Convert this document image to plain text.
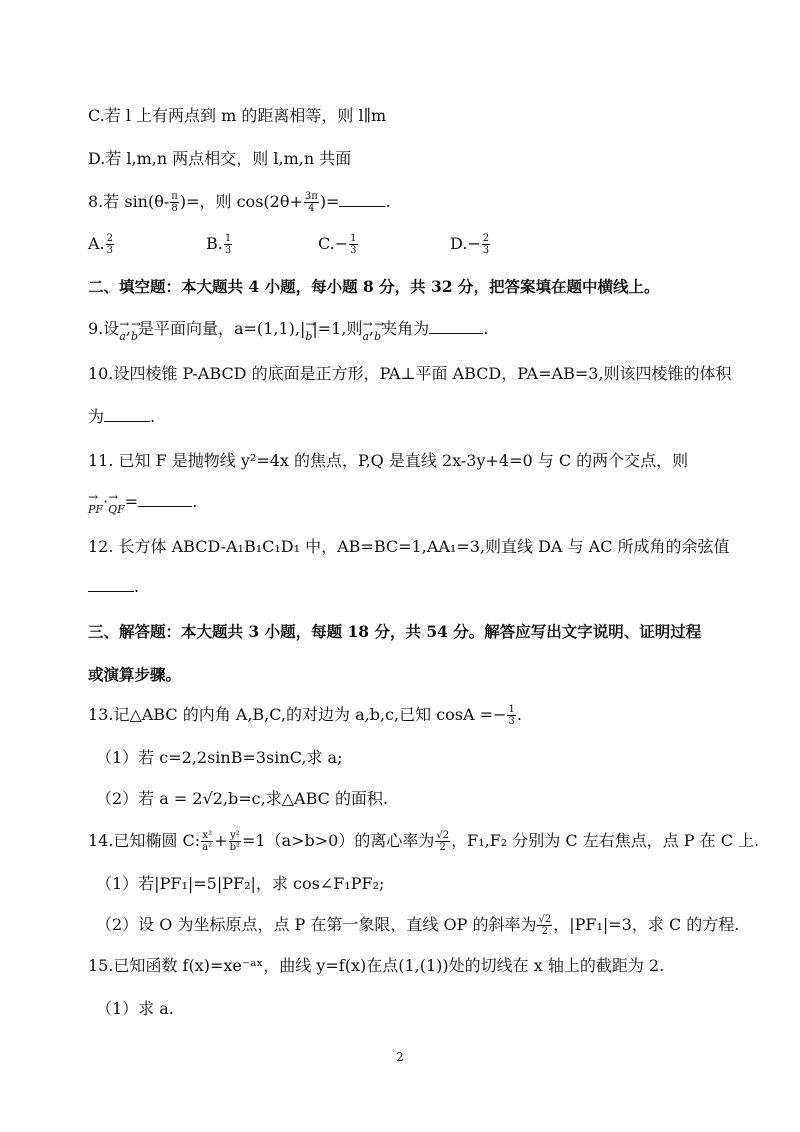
C.若 l 上有两点到 m 的距离相等，则 l∥m
D.若 l,m,n 两点相交，则 l,m,n 共面
8.若 $\sin(\theta- \frac{\pi}{8}$ )=，则 $\cos(2\theta+ \frac{3\pi}{4}$ )=	.
A. $\frac{2}{3}$	B. $\frac{1}{3}$	$C.- \frac{1}{3}$	$D.- \frac{2}{3}$
二、填空题：本大题共 4 小题，每小题 8 分，共 32 分，把答案填在题中横线上。
9.设→ a,→ b是平面向量，a=(1,1),|→ b|=1,则→ a,→ b夹角为	.
10.设四棱锥 P-ABCD 的底面是正方形，PA⊥平面 ABCD，PA=AB=3,则该四棱锥的体积
为	.
11. 已知 F 是抛物线 y²=4x 的焦点，P,Q 是直线 2x-3y+4=0 与 C 的两个交点，则
→ PF·→ QF=	.
12. 长方体 ABCD-A₁B₁C₁D₁ 中，AB=BC=1,AA₁=3,则直线 DA 与 AC 所成角的余弦值
.
三、解答题：本大题共 3 小题，每题 18 分，共 54 分。解答应写出文字说明、证明过程
或演算步骤。
13.记△ABC 的内角 A,B,C,的对边为 a,b,c,已知 $\cos A =- \frac{1}{3}$ .
（1）若 c=2,2sinB=3sinC,求 a;
（2）若 a = 2√2,b=c,求△ABC 的面积.
14.已知椭圆 C: $\frac{\text{x²}}{\text{a²}} + \frac{\text{y²}}{\text{b²}} =1(a>b>0)$的离心率为 $\frac{√2}{2}$ ，F₁,F₂ 分别为 C 左右焦点，点 P 在 C 上.
（1）若|PF₁|=5|PF₂|，求 cos∠F₁PF₂;
（2）设 O 为坐标原点，点 P 在第一象限，直线 OP 的斜率为 $\frac{√2}{2}$ ，|PF₁|=3，求 C 的方程.
15.已知函数 f(x)=xe⁻ᵃˣ，曲线 y=f(x)在点(1,(1))处的切线在 x 轴上的截距为 2.
（1）求 a.
2
